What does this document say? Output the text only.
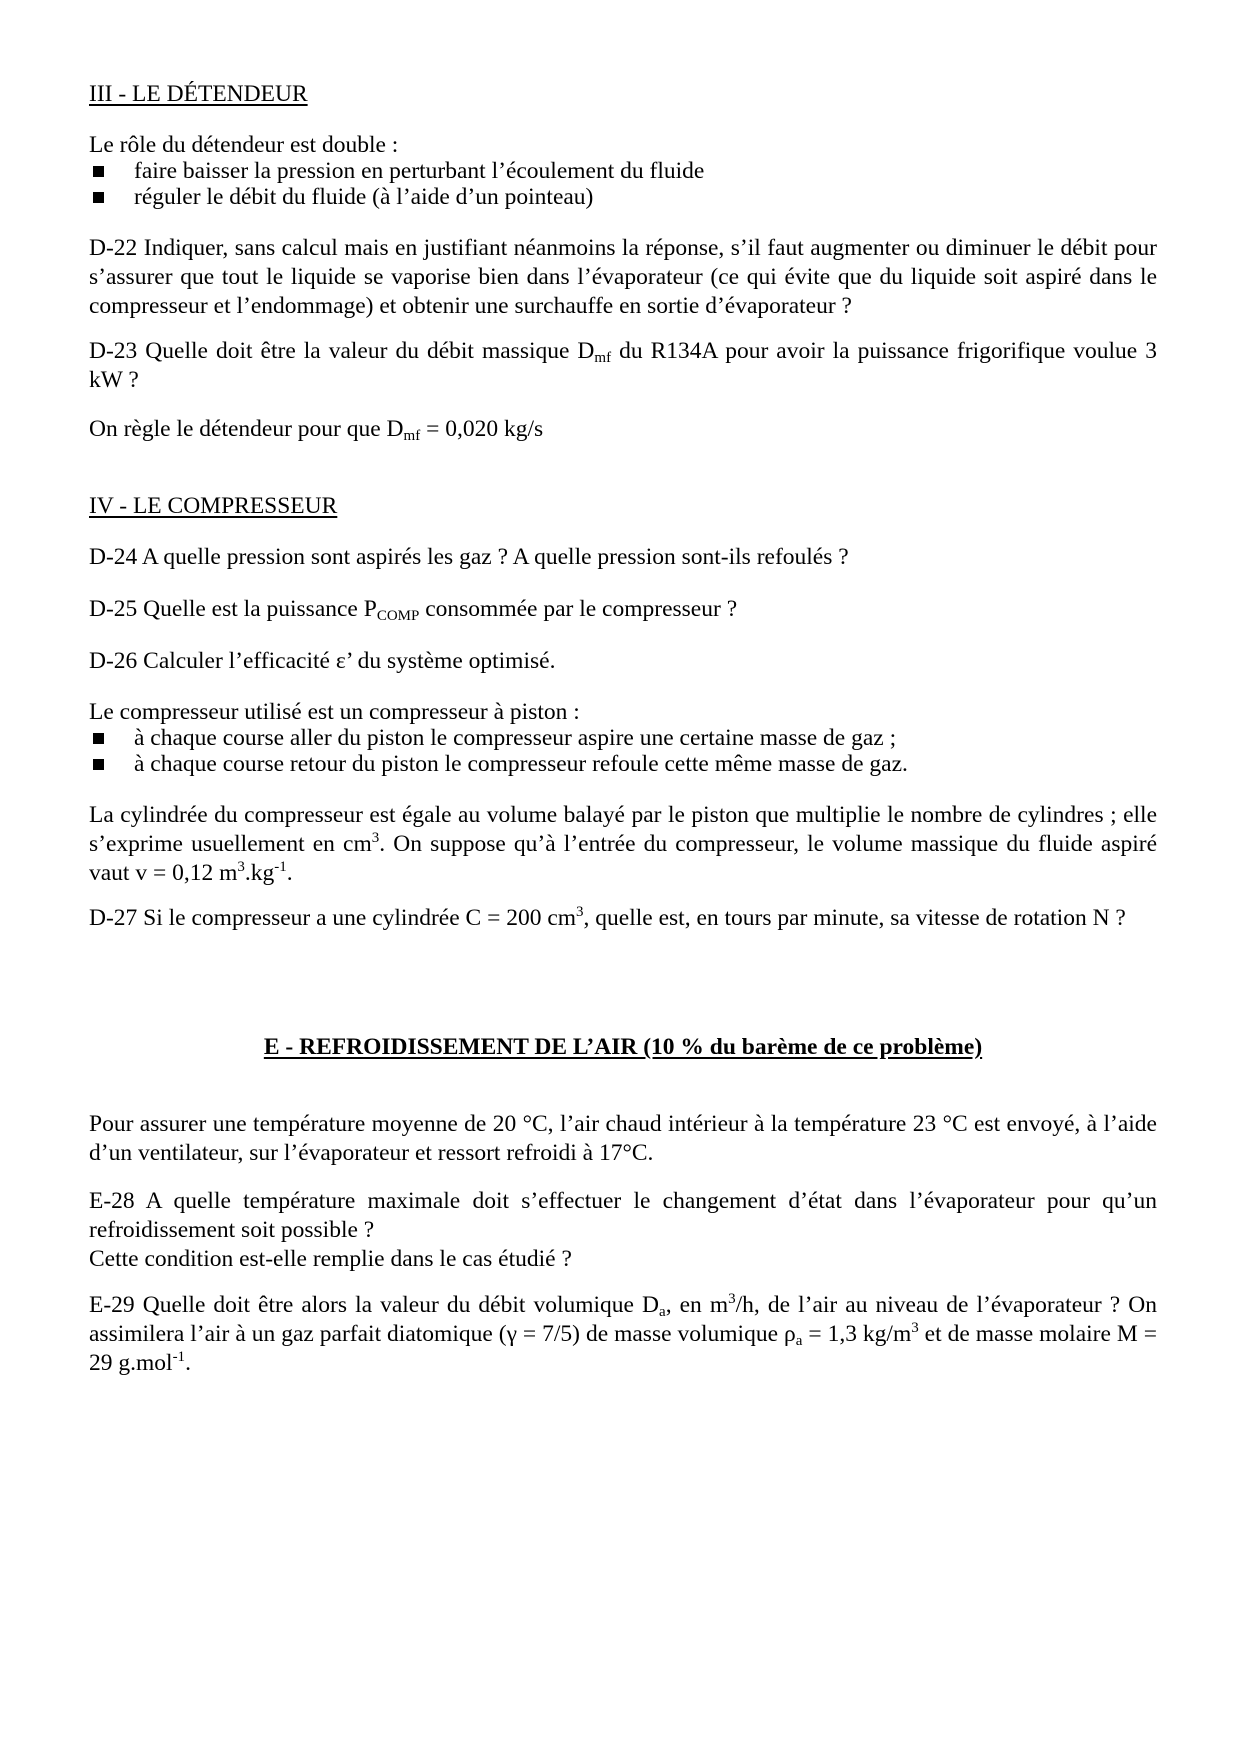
III - LE DÉTENDEUR
Le rôle du détendeur est double :
faire baisser la pression en perturbant l’écoulement du fluide
réguler le débit du fluide (à l’aide d’un pointeau)
D-22 Indiquer, sans calcul mais en justifiant néanmoins la réponse, s’il faut augmenter ou diminuer le débit pour s’assurer que tout le liquide se vaporise bien dans l’évaporateur (ce qui évite que du liquide soit aspiré dans le compresseur et l’endommage) et obtenir une surchauffe en sortie d’évaporateur ?
D-23 Quelle doit être la valeur du débit massique $D_{mf}$ du R134A pour avoir la puissance frigorifique voulue 3 kW ?
On règle le détendeur pour que $D_{mf} = 0,020$ kg/s
IV - LE COMPRESSEUR
D-24 A quelle pression sont aspirés les gaz ? A quelle pression sont-ils refoulés ?
D-25 Quelle est la puissance $P_{COMP}$ consommée par le compresseur ?
D-26 Calculer l’efficacité ε’ du système optimisé.
Le compresseur utilisé est un compresseur à piston :
à chaque course aller du piston le compresseur aspire une certaine masse de gaz ;
à chaque course retour du piston le compresseur refoule cette même masse de gaz.
La cylindrée du compresseur est égale au volume balayé par le piston que multiplie le nombre de cylindres ; elle s’exprime usuellement en $cm^3$. On suppose qu’à l’entrée du compresseur, le volume massique du fluide aspiré vaut v = 0,12 $m^3.kg^{-1}$.
D-27 Si le compresseur a une cylindrée C = 200 $cm^3$, quelle est, en tours par minute, sa vitesse de rotation N ?
E - REFROIDISSEMENT DE L’AIR (10 % du barème de ce problème)
Pour assurer une température moyenne de 20 °C, l’air chaud intérieur à la température 23 °C est envoyé, à l’aide d’un ventilateur, sur l’évaporateur et ressort refroidi à 17°C.
E-28 A quelle température maximale doit s’effectuer le changement d’état dans l’évaporateur pour qu’un refroidissement soit possible ?
Cette condition est-elle remplie dans le cas étudié ?
E-29 Quelle doit être alors la valeur du débit volumique $D_a$, en $m^3/h$, de l’air au niveau de l’évaporateur ? On assimilera l’air à un gaz parfait diatomique (γ = 7/5) de masse volumique $\rho_a = 1,3$ $kg/m^3$ et de masse molaire M = 29 g.mol$^{-1}$.
